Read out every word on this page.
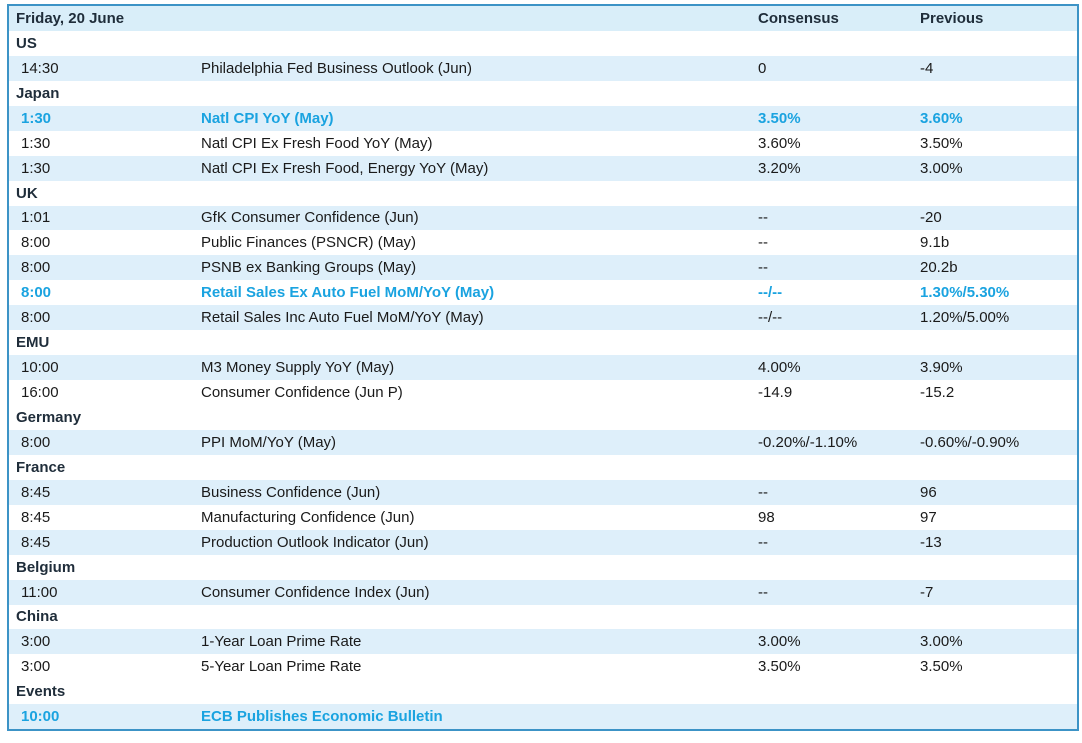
Friday, 20 June	Consensus	Previous
US
14:30	Philadelphia Fed Business Outlook (Jun)	0	-4
Japan
1:30	Natl CPI YoY (May)	3.50%	3.60%
1:30	Natl CPI Ex Fresh Food YoY (May)	3.60%	3.50%
1:30	Natl CPI Ex Fresh Food, Energy YoY (May)	3.20%	3.00%
UK
1:01	GfK Consumer Confidence (Jun)	--	-20
8:00	Public Finances (PSNCR) (May)	--	9.1b
8:00	PSNB ex Banking Groups (May)	--	20.2b
8:00	Retail Sales Ex Auto Fuel MoM/YoY (May)	--/--	1.30%/5.30%
8:00	Retail Sales Inc Auto Fuel MoM/YoY (May)	--/--	1.20%/5.00%
EMU
10:00	M3 Money Supply YoY (May)	4.00%	3.90%
16:00	Consumer Confidence (Jun P)	-14.9	-15.2
Germany
8:00	PPI MoM/YoY (May)	-0.20%/-1.10%	-0.60%/-0.90%
France
8:45	Business Confidence (Jun)	--	96
8:45	Manufacturing Confidence (Jun)	98	97
8:45	Production Outlook Indicator (Jun)	--	-13
Belgium
11:00	Consumer Confidence Index (Jun)	--	-7
China
3:00	1-Year Loan Prime Rate	3.00%	3.00%
3:00	5-Year Loan Prime Rate	3.50%	3.50%
Events
10:00	ECB Publishes Economic Bulletin
